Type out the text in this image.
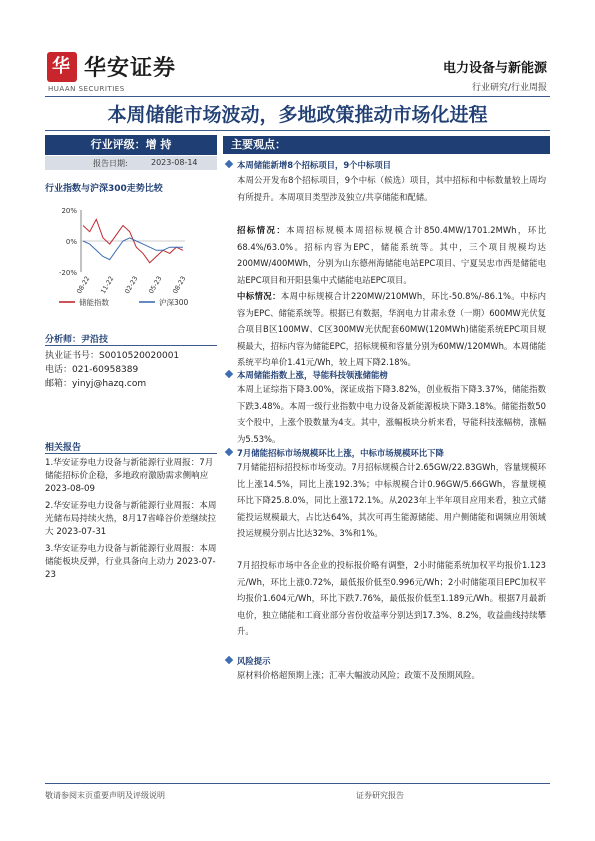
华 华安证券
HUAAN SECURITIES
电力设备与新能源
行业研究/行业周报
本周储能市场波动，多地政策推动市场化进程
行业评级：增 持
报告日期:	2023-08-14
行业指数与沪深300走势比较
20%
0%
-20%
08-22 11-22 02-23 05-23 08-23
储能指数	沪深300
分析师：尹沿技
执业证书号：S0010520020001
电话：021-60958389
邮箱：yinyj@hazq.com
相关报告
1.华安证券电力设备与新能源行业周报：7月储能招标价企稳，多地政府激励需求侧响应 2023-08-09
2.华安证券电力设备与新能源行业周报：本周光储布局持续火热，8月17省峰谷价差继续拉大 2023-07-31
3.华安证券电力设备与新能源行业周报：本周储能板块反弹，行业具备向上动力 2023-07-23
主要观点：
本周储能新增8个招标项目，9个中标项目
本周公开发布8个招标项目，9个中标（候选）项目，其中招标和中标数量较上周均有所提升。本周项目类型涉及独立/共享储能和配储。
招标情况：本周招标规模本周招标规模合计850.4MW/1701.2MWh，环比68.4%/63.0%。招标内容为EPC，储能系统等。其中，三个项目规模均达200MW/400MWh，分别为山东德州海储能电站EPC项目、宁夏吴忠市西是储能电站EPC项目和开阳县集中式储能电站EPC项目。
中标情况：本周中标规模合计220MW/210MWh，环比-50.8%/-86.1%。中标内容为EPC、储能系统等。根据已有数据，华润电力甘肃永登（一期）600MW光伏复合项目B区100MW、C区300MW光伏配套60MW(120MWh)储能系统EPC项目规模最大，招标内容为储能EPC，招标规模和容量分别为60MW/120MWh。本周储能系统平均单价1.41元/Wh，较上周下降2.18%。
本周储能指数上涨，导能科技领涨储能榜
本周上证综指下降3.00%，深证成指下降3.82%，创业板指下降3.37%，储能指数下跌3.48%。本周一级行业指数中电力设备及新能源板块下降3.18%。储能指数50支个股中，上涨个股数量为4支。其中，涨幅板块分析来看，导能科技涨幅榜，涨幅为5.53%。
7月储能招标市场规模环比上涨，中标市场规模环比下降
7月储能招标招投标市场变动。7月招标规模合计2.65GW/22.83GWh，容量规模环比上涨14.5%，同比上涨192.3%；中标规模合计0.96GW/5.66GWh，容量规模环比下降25.8.0%，同比上涨172.1%。从2023年上半年项目应用来看，独立式储能投运规模最大，占比达64%，其次可再生能源储能、用户侧储能和调频应用领域投运规模分别占比达32%、3%和1%。
7月招投标市场中各企业的投标报价略有调整，2小时储能系统加权平均报价1.123元/Wh，环比上涨0.72%，最低报价低至0.996元/Wh；2小时储能项目EPC加权平均报价1.604元/Wh，环比下跌7.76%，最低报价低至1.189元/Wh。根据7月最新电价，独立储能和工商业部分省份收益率分别达到17.3%、8.2%，收益曲线持续攀升。
风险提示
原材料价格超预期上涨；汇率大幅波动风险；政策不及预期风险。
敬请参阅末页重要声明及评级说明	证券研究报告
